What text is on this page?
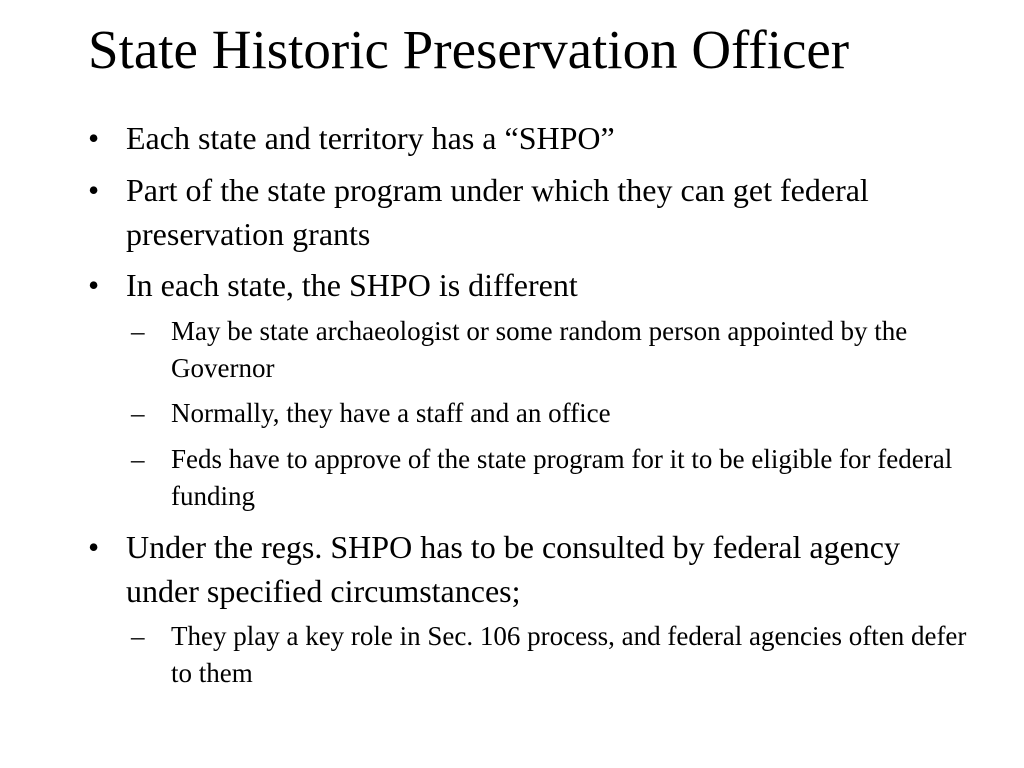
State Historic Preservation Officer
• Each state and territory has a “SHPO”
• Part of the state program under which they can get federal preservation grants
• In each state, the SHPO is different
– May be state archaeologist or some random person appointed by the Governor
– Normally, they have a staff and an office
– Feds have to approve of the state program for it to be eligible for federal funding
• Under the regs. SHPO has to be consulted by federal agency under specified circumstances;
– They play a key role in Sec. 106 process, and federal agencies often defer to them
